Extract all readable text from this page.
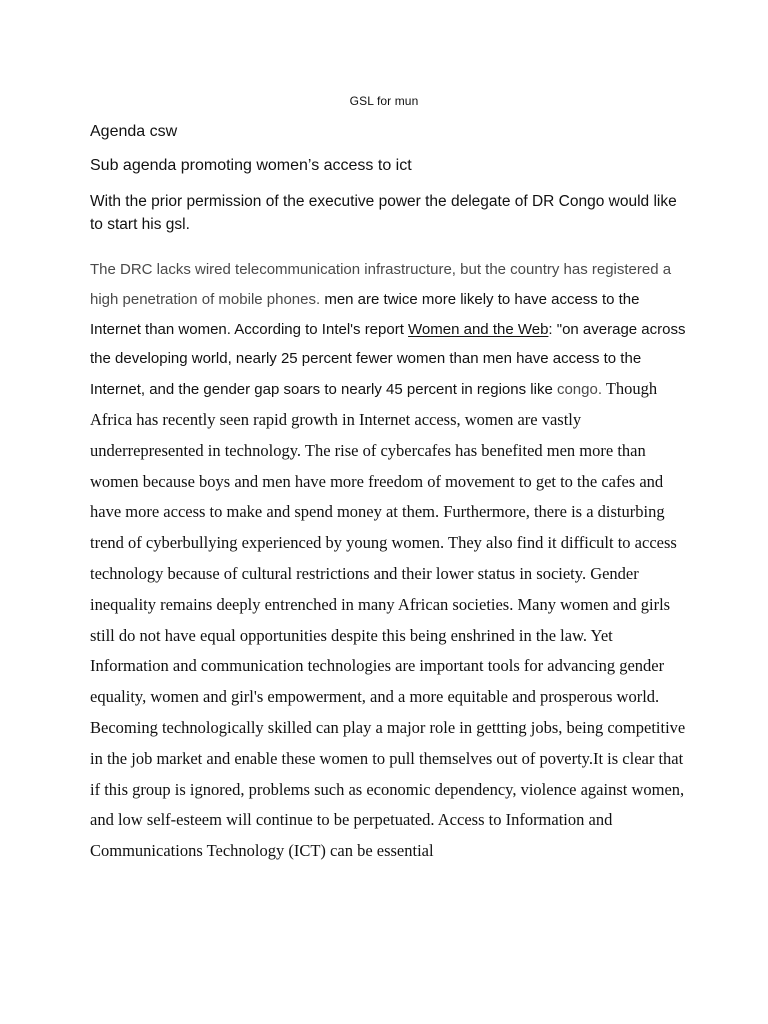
GSL for mun
Agenda csw
Sub agenda promoting women’s access to ict
With the prior permission of the executive power the delegate of DR Congo would like to start his gsl.
The DRC lacks wired telecommunication infrastructure, but the country has registered a high penetration of mobile phones. men are twice more likely to have access to the Internet than women. According to Intel's report Women and the Web: "on average across the developing world, nearly 25 percent fewer women than men have access to the Internet, and the gender gap soars to nearly 45 percent in regions like congo. Though Africa has recently seen rapid growth in Internet access, women are vastly underrepresented in technology. The rise of cybercafes has benefited men more than women because boys and men have more freedom of movement to get to the cafes and have more access to make and spend money at them. Furthermore, there is a disturbing trend of cyberbullying experienced by young women. They also find it difficult to access technology because of cultural restrictions and their lower status in society. Gender inequality remains deeply entrenched in many African societies. Many women and girls still do not have equal opportunities despite this being enshrined in the law. Yet Information and communication technologies are important tools for advancing gender equality, women and girl's empowerment, and a more equitable and prosperous world. Becoming technologically skilled can play a major role in gettting jobs, being competitive in the job market and enable these women to pull themselves out of poverty.It is clear that if this group is ignored, problems such as economic dependency, violence against women, and low self-esteem will continue to be perpetuated. Access to Information and Communications Technology (ICT) can be essential
